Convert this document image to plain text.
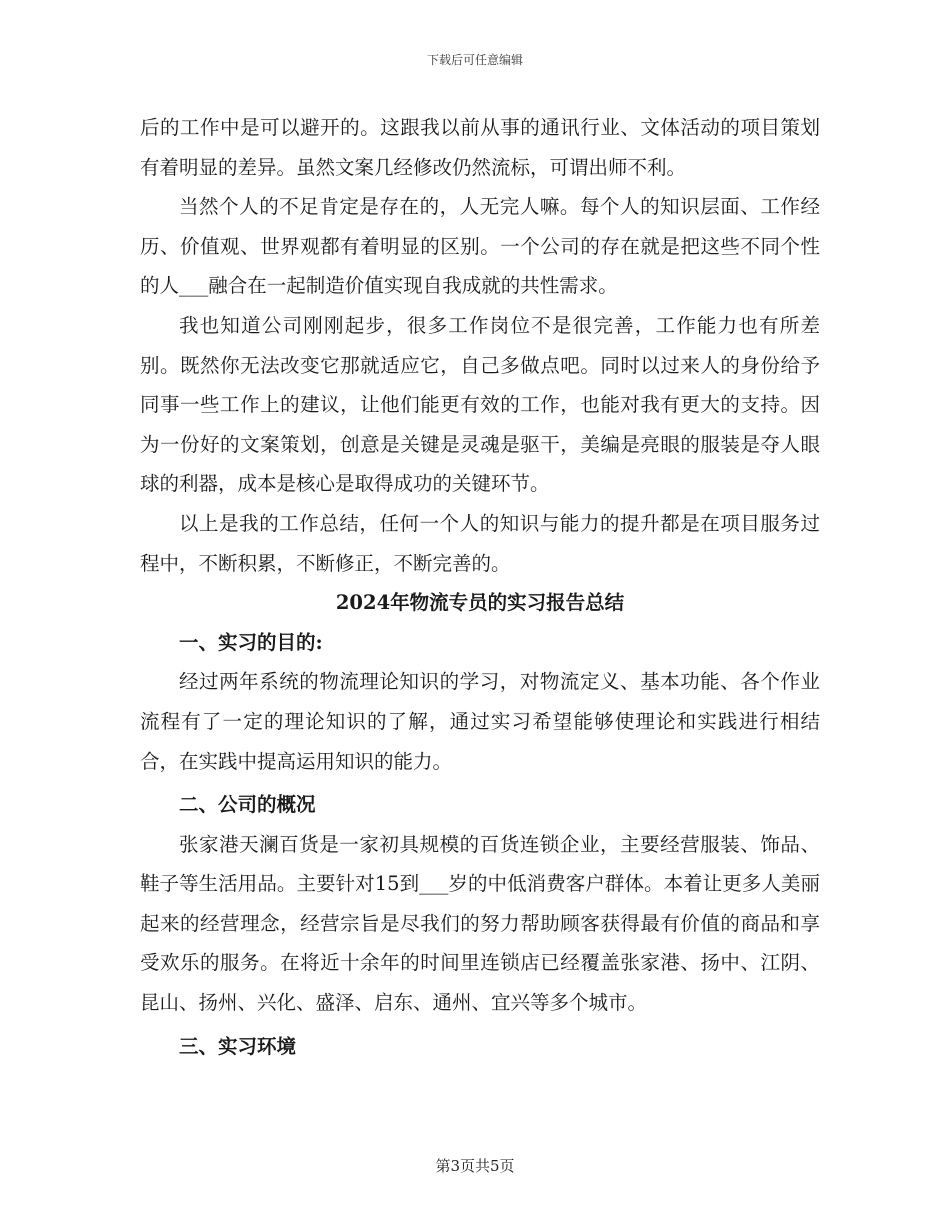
下载后可任意编辑

后的工作中是可以避开的。这跟我以前从事的通讯行业、文体活动的项目策划有着明显的差异。虽然文案几经修改仍然流标，可谓出师不利。

当然个人的不足肯定是存在的，人无完人嘛。每个人的知识层面、工作经历、价值观、世界观都有着明显的区别。一个公司的存在就是把这些不同个性的人___融合在一起制造价值实现自我成就的共性需求。

我也知道公司刚刚起步，很多工作岗位不是很完善，工作能力也有所差别。既然你无法改变它那就适应它，自己多做点吧。同时以过来人的身份给予同事一些工作上的建议，让他们能更有效的工作，也能对我有更大的支持。因为一份好的文案策划，创意是关键是灵魂是驱干，美编是亮眼的服装是夺人眼球的利器，成本是核心是取得成功的关键环节。

以上是我的工作总结，任何一个人的知识与能力的提升都是在项目服务过程中，不断积累，不断修正，不断完善的。

2024年物流专员的实习报告总结

一、实习的目的:

经过两年系统的物流理论知识的学习，对物流定义、基本功能、各个作业流程有了一定的理论知识的了解，通过实习希望能够使理论和实践进行相结合，在实践中提高运用知识的能力。

二、公司的概况

张家港天澜百货是一家初具规模的百货连锁企业，主要经营服装、饰品、鞋子等生活用品。主要针对15到___岁的中低消费客户群体。本着让更多人美丽起来的经营理念，经营宗旨是尽我们的努力帮助顾客获得最有价值的商品和享受欢乐的服务。在将近十余年的时间里连锁店已经覆盖张家港、扬中、江阴、昆山、扬州、兴化、盛泽、启东、通州、宜兴等多个城市。

三、实习环境

第3页共5页
